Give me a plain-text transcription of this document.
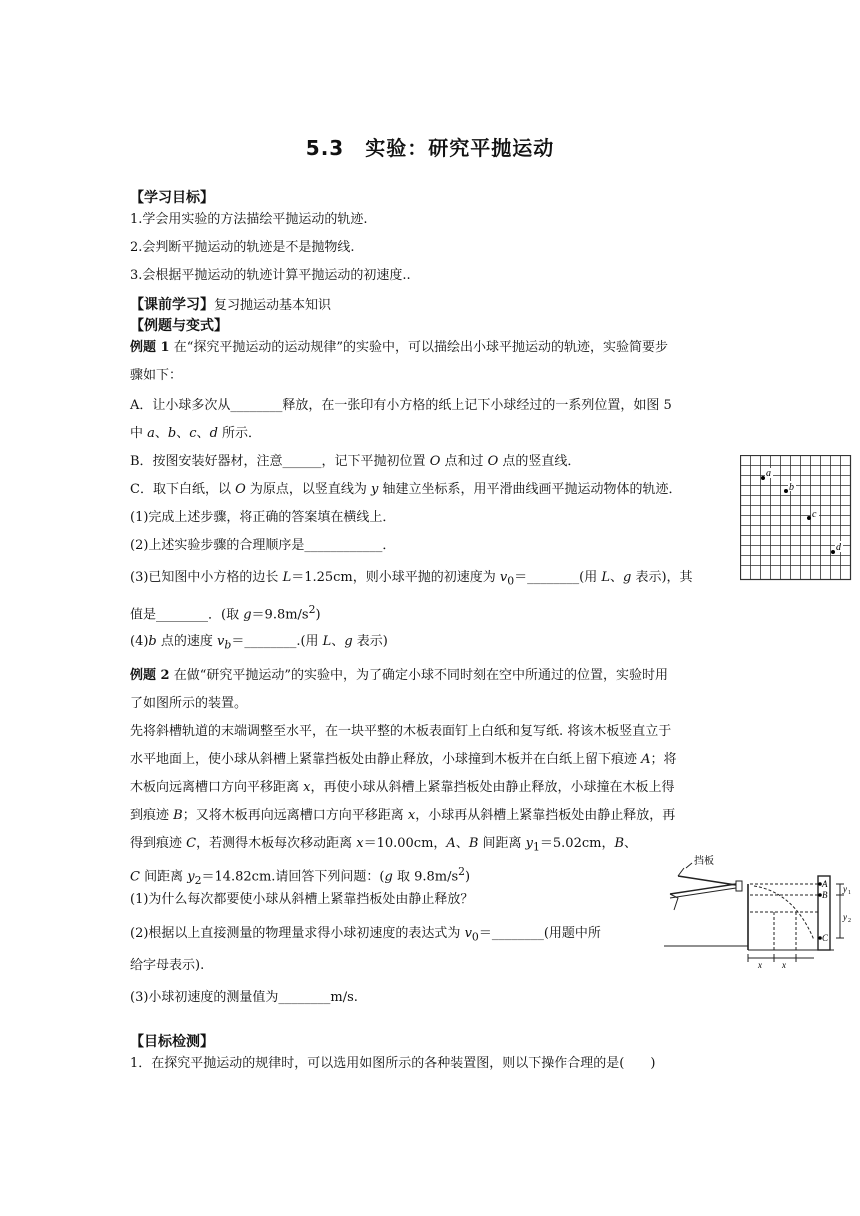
5.3　实验：研究平抛运动
【学习目标】
1.学会用实验的方法描绘平抛运动的轨迹.
2.会判断平抛运动的轨迹是不是抛物线.
3.会根据平抛运动的轨迹计算平抛运动的初速度..
【课前学习】复习抛运动基本知识
【例题与变式】
例题 1 在“探究平抛运动的运动规律”的实验中，可以描绘出小球平抛运动的轨迹，实验简要步
骤如下：
A．让小球多次从________释放，在一张印有小方格的纸上记下小球经过的一系列位置，如图 5
中 a、b、c、d 所示．
B．按图安装好器材，注意______，记下平抛初位置 O 点和过 O 点的竖直线．
C．取下白纸，以 O 为原点，以竖直线为 y 轴建立坐标系，用平滑曲线画平抛运动物体的轨迹．
(1)完成上述步骤，将正确的答案填在横线上．
(2)上述实验步骤的合理顺序是____________．
(3)已知图中小方格的边长 L＝1.25cm，则小球平抛的初速度为 $v_0=\_\_\_\_\_\_\_\_$(用 L、g 表示)，其
值是________．(取 $g=9.8m/s^2$)
(4)b 点的速度 $v_b=\_\_\_\_\_\_\_\_$.(用 L、g 表示)
a
b
c
d
例题 2 在做“研究平抛运动”的实验中，为了确定小球不同时刻在空中所通过的位置，实验时用
了如图所示的装置。
先将斜槽轨道的末端调整至水平，在一块平整的木板表面钉上白纸和复写纸. 将该木板竖直立于
水平地面上，使小球从斜槽上紧靠挡板处由静止释放，小球撞到木板并在白纸上留下痕迹 A；将
木板向远离槽口方向平移距离 x，再使小球从斜槽上紧靠挡板处由静止释放，小球撞在木板上得
到痕迹 B；又将木板再向远离槽口方向平移距离 x，小球再从斜槽上紧靠挡板处由静止释放，再
得到痕迹 C，若测得木板每次移动距离 x＝10.00cm，A、B 间距离 $y_1=5.02cm$，B、
C 间距离 $y_2=14.82cm$.请回答下列问题：(g 取 $9.8m/s^2$)
(1)为什么每次都要使小球从斜槽上紧靠挡板处由静止释放？
(2)根据以上直接测量的物理量求得小球初速度的表达式为 $v_0=\_\_\_\_\_\_\_\_$(用题中所
给字母表示).
(3)小球初速度的测量值为________m/s.
挡板
A
B
C
y 1
y 2
x x
【目标检测】
1．在探究平抛运动的规律时，可以选用如图所示的各种装置图，则以下操作合理的是(　　)
